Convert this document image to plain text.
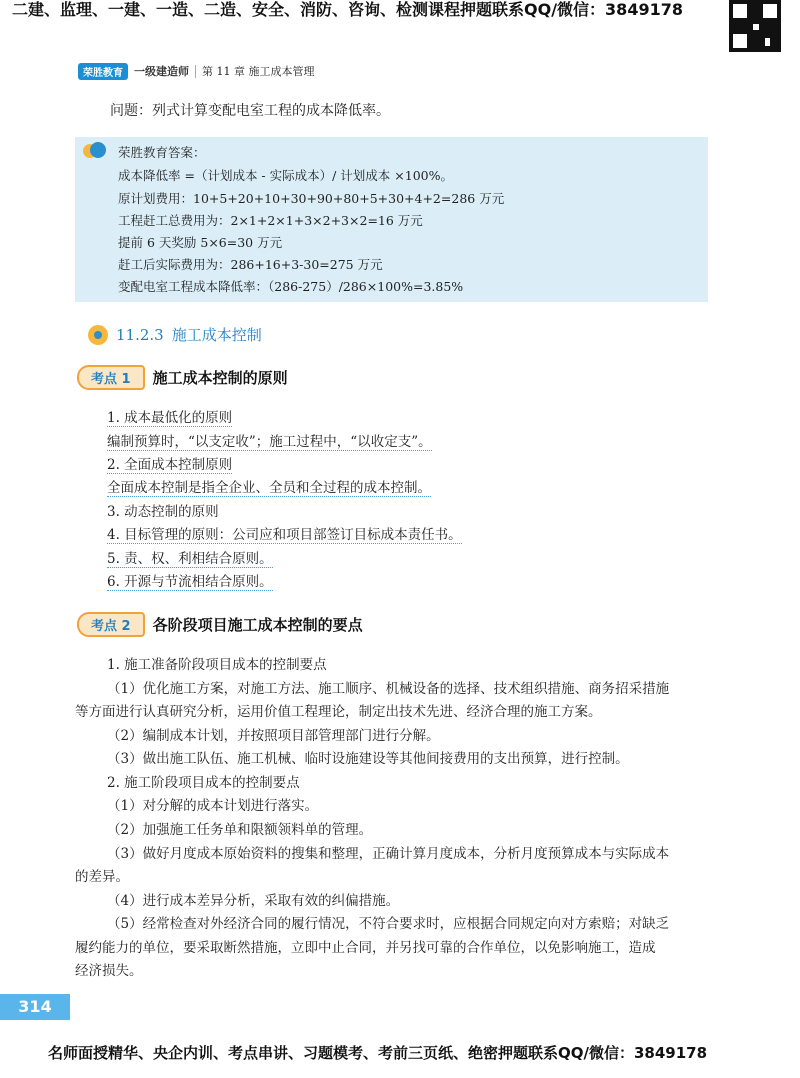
二建、监理、一建、一造、二造、安全、消防、咨询、检测课程押题联系QQ/微信：3849178
荣胜教育	一级建造师 第 11 章 施工成本管理
问题：列式计算变配电室工程的成本降低率。
荣胜教育答案：
成本降低率 =（计划成本 - 实际成本）/ 计划成本 ×100%。
原计划费用：10+5+20+10+30+90+80+5+30+4+2=286 万元
工程赶工总费用为：2×1+2×1+3×2+3×2=16 万元
提前 6 天奖励 5×6=30 万元
赶工后实际费用为：286+16+3-30=275 万元
变配电室工程成本降低率：（286-275）/286×100%=3.85%
11.2.3 施工成本控制
考点 1	施工成本控制的原则
1. 成本最低化的原则
编制预算时，“以支定收”；施工过程中，“以收定支”。
2. 全面成本控制原则
全面成本控制是指全企业、全员和全过程的成本控制。
3. 动态控制的原则
4. 目标管理的原则：公司应和项目部签订目标成本责任书。
5. 责、权、利相结合原则。
6. 开源与节流相结合原则。
考点 2	各阶段项目施工成本控制的要点
1. 施工准备阶段项目成本的控制要点
（1）优化施工方案，对施工方法、施工顺序、机械设备的选择、技术组织措施、商务招采措施
等方面进行认真研究分析，运用价值工程理论，制定出技术先进、经济合理的施工方案。
（2）编制成本计划，并按照项目部管理部门进行分解。
（3）做出施工队伍、施工机械、临时设施建设等其他间接费用的支出预算，进行控制。
2. 施工阶段项目成本的控制要点
（1）对分解的成本计划进行落实。
（2）加强施工任务单和限额领料单的管理。
（3）做好月度成本原始资料的搜集和整理，正确计算月度成本，分析月度预算成本与实际成本
的差异。
（4）进行成本差异分析，采取有效的纠偏措施。
（5）经常检查对外经济合同的履行情况，不符合要求时，应根据合同规定向对方索赔；对缺乏
履约能力的单位，要采取断然措施，立即中止合同，并另找可靠的合作单位，以免影响施工，造成
经济损失。
314
名师面授精华、央企内训、考点串讲、习题模考、考前三页纸、绝密押题联系QQ/微信：3849178
